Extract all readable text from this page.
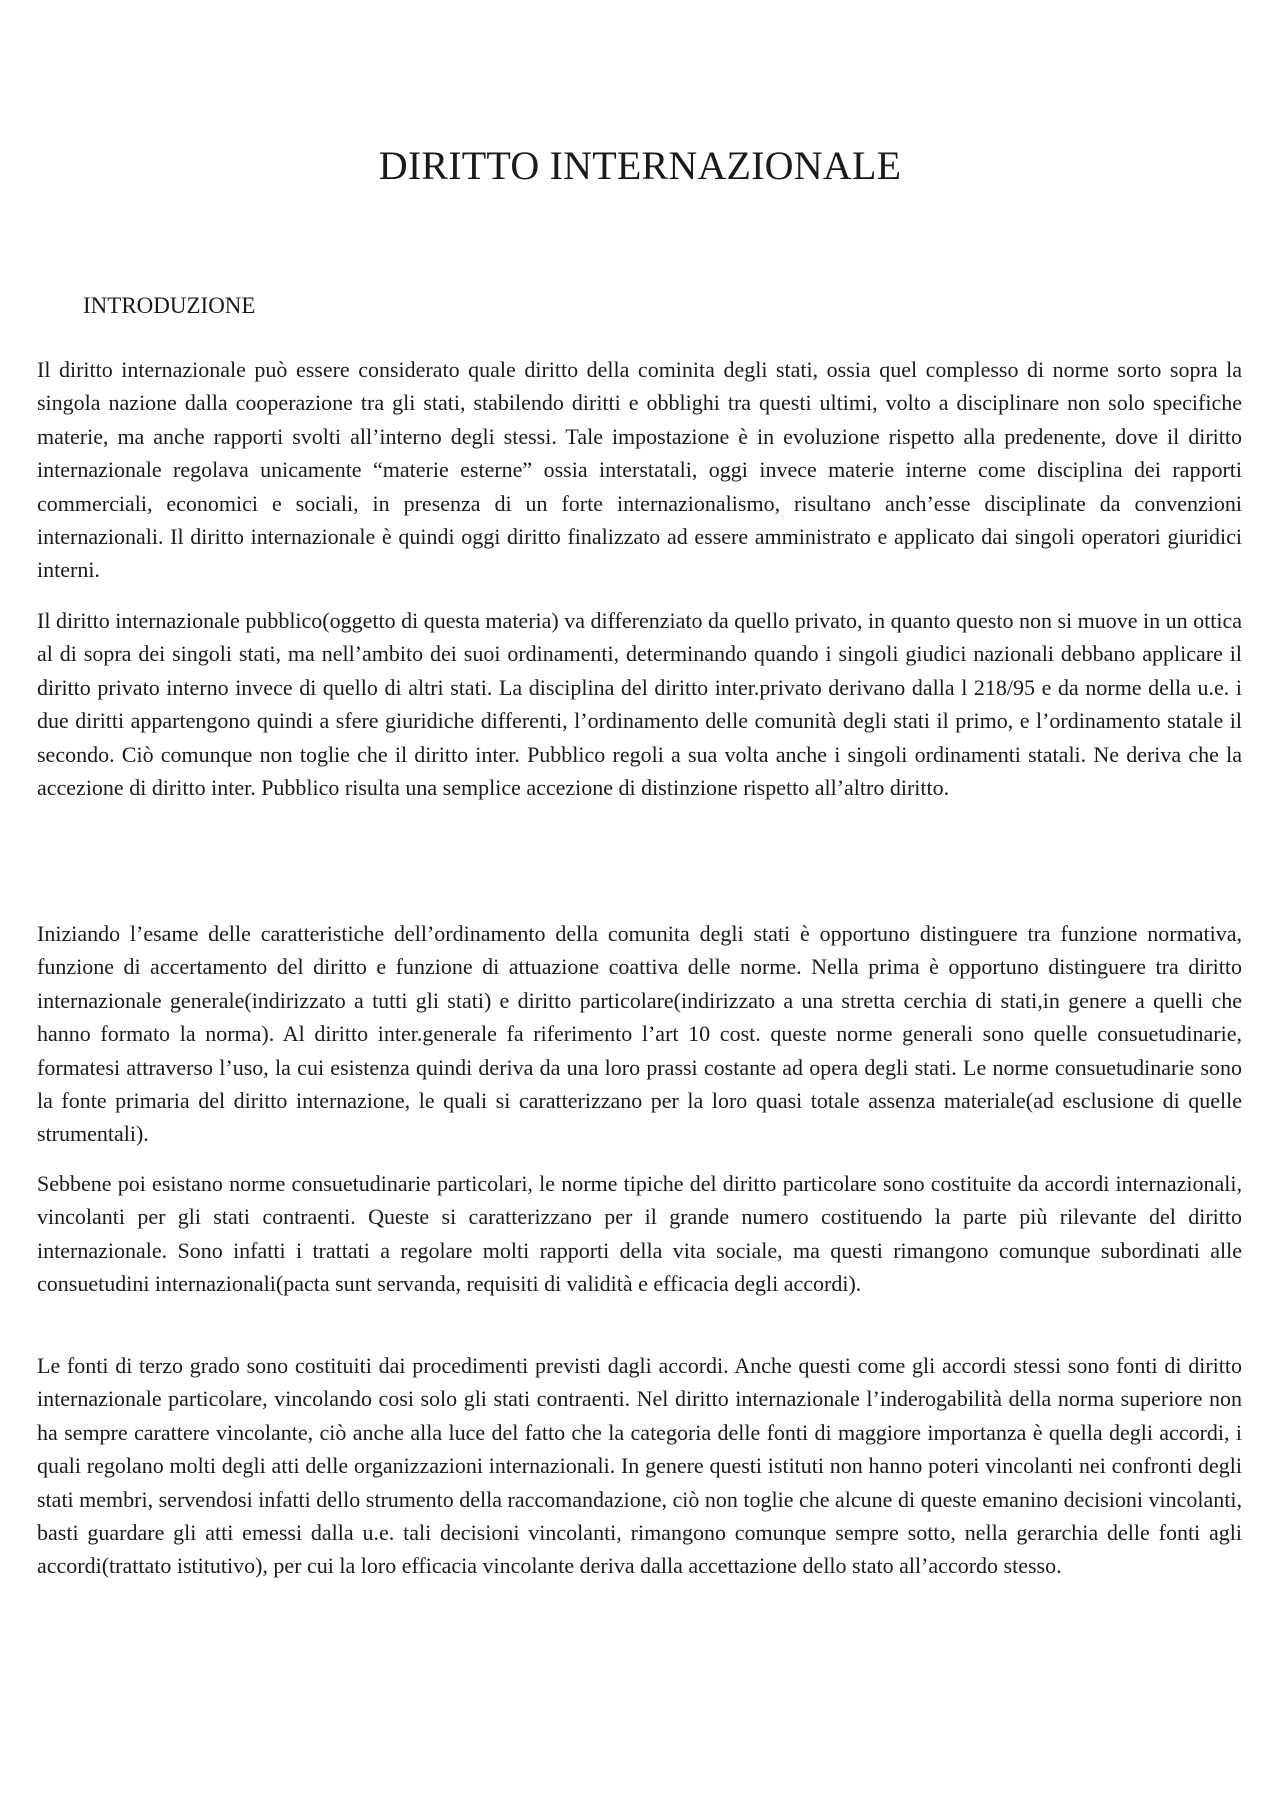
DIRITTO INTERNAZIONALE
INTRODUZIONE

Il diritto internazionale può essere considerato quale diritto della cominita degli stati, ossia quel complesso di norme sorto sopra la singola nazione dalla cooperazione tra gli stati, stabilendo diritti e obblighi tra questi ultimi, volto a disciplinare non solo specifiche materie, ma anche rapporti svolti all’interno degli stessi. Tale impostazione è in evoluzione rispetto alla predenente, dove il diritto internazionale regolava unicamente “materie esterne” ossia interstatali, oggi invece materie interne come disciplina dei rapporti commerciali, economici e sociali, in presenza di un forte internazionalismo, risultano anch’esse disciplinate da convenzioni internazionali. Il diritto internazionale è quindi oggi diritto finalizzato ad essere amministrato e applicato dai singoli operatori giuridici interni.

Il diritto internazionale pubblico(oggetto di questa materia) va differenziato da quello privato, in quanto questo non si muove in un ottica al di sopra dei singoli stati, ma nell’ambito dei suoi ordinamenti, determinando quando i singoli giudici nazionali debbano applicare il diritto privato interno invece di quello di altri stati. La disciplina del diritto inter.privato derivano dalla l 218/95 e da norme della u.e. i due diritti appartengono quindi a sfere giuridiche differenti, l’ordinamento delle comunità degli stati il primo, e l’ordinamento statale il secondo. Ciò comunque non toglie che il diritto inter. Pubblico regoli a sua volta anche i singoli ordinamenti statali. Ne deriva che la accezione di diritto inter. Pubblico risulta una semplice accezione di distinzione rispetto all’altro diritto.

Iniziando l’esame delle caratteristiche dell’ordinamento della comunita degli stati è opportuno distinguere tra funzione normativa, funzione di accertamento del diritto e funzione di attuazione coattiva delle norme. Nella prima è opportuno distinguere tra diritto internazionale generale(indirizzato a tutti gli stati) e diritto particolare(indirizzato a una stretta cerchia di stati,in genere a quelli che hanno formato la norma). Al diritto inter.generale fa riferimento l’art 10 cost. queste norme generali sono quelle consuetudinarie, formatesi attraverso l’uso, la cui esistenza quindi deriva da una loro prassi costante ad opera degli stati. Le norme consuetudinarie sono la fonte primaria del diritto internazione, le quali si caratterizzano per la loro quasi totale assenza materiale(ad esclusione di quelle strumentali).

Sebbene poi esistano norme consuetudinarie particolari, le norme tipiche del diritto particolare sono costituite da accordi internazionali, vincolanti per gli stati contraenti. Queste si caratterizzano per il grande numero costituendo la parte più rilevante del diritto internazionale. Sono infatti i trattati a regolare molti rapporti della vita sociale, ma questi rimangono comunque subordinati alle consuetudini internazionali(pacta sunt servanda, requisiti di validità e efficacia degli accordi).

Le fonti di terzo grado sono costituiti dai procedimenti previsti dagli accordi. Anche questi come gli accordi stessi sono fonti di diritto internazionale particolare, vincolando cosi solo gli stati contraenti. Nel diritto internazionale l’inderogabilità della norma superiore non ha sempre carattere vincolante, ciò anche alla luce del fatto che la categoria delle fonti di maggiore importanza è quella degli accordi, i quali regolano molti degli atti delle organizzazioni internazionali. In genere questi istituti non hanno poteri vincolanti nei confronti degli stati membri, servendosi infatti dello strumento della raccomandazione, ciò non toglie che alcune di queste emanino decisioni vincolanti, basti guardare gli atti emessi dalla u.e. tali decisioni vincolanti, rimangono comunque sempre sotto, nella gerarchia delle fonti agli accordi(trattato istitutivo), per cui la loro efficacia vincolante deriva dalla accettazione dello stato all’accordo stesso.
